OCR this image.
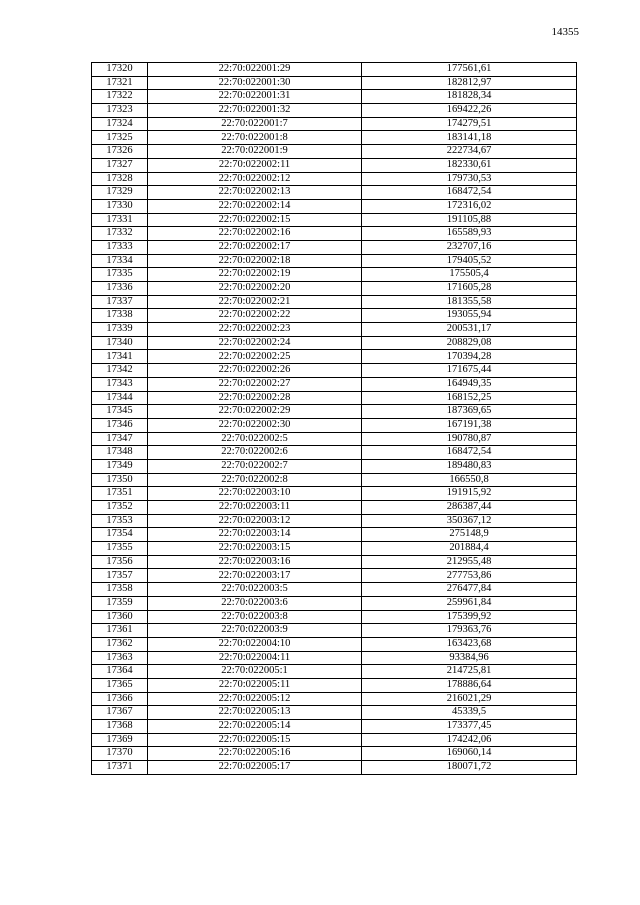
14355
17320	22:70:022001:29	177561,61
17321	22:70:022001:30	182812,97
17322	22:70:022001:31	181828,34
17323	22:70:022001:32	169422,26
17324	22:70:022001:7	174279,51
17325	22:70:022001:8	183141,18
17326	22:70:022001:9	222734,67
17327	22:70:022002:11	182330,61
17328	22:70:022002:12	179730,53
17329	22:70:022002:13	168472,54
17330	22:70:022002:14	172316,02
17331	22:70:022002:15	191105,88
17332	22:70:022002:16	165589,93
17333	22:70:022002:17	232707,16
17334	22:70:022002:18	179405,52
17335	22:70:022002:19	175505,4
17336	22:70:022002:20	171605,28
17337	22:70:022002:21	181355,58
17338	22:70:022002:22	193055,94
17339	22:70:022002:23	200531,17
17340	22:70:022002:24	208829,08
17341	22:70:022002:25	170394,28
17342	22:70:022002:26	171675,44
17343	22:70:022002:27	164949,35
17344	22:70:022002:28	168152,25
17345	22:70:022002:29	187369,65
17346	22:70:022002:30	167191,38
17347	22:70:022002:5	190780,87
17348	22:70:022002:6	168472,54
17349	22:70:022002:7	189480,83
17350	22:70:022002:8	166550,8
17351	22:70:022003:10	191915,92
17352	22:70:022003:11	286387,44
17353	22:70:022003:12	350367,12
17354	22:70:022003:14	275148,9
17355	22:70:022003:15	201884,4
17356	22:70:022003:16	212955,48
17357	22:70:022003:17	277753,86
17358	22:70:022003:5	276477,84
17359	22:70:022003:6	259961,84
17360	22:70:022003:8	175399,92
17361	22:70:022003:9	179363,76
17362	22:70:022004:10	163423,68
17363	22:70:022004:11	93384,96
17364	22:70:022005:1	214725,81
17365	22:70:022005:11	178886,64
17366	22:70:022005:12	216021,29
17367	22:70:022005:13	45339,5
17368	22:70:022005:14	173377,45
17369	22:70:022005:15	174242,06
17370	22:70:022005:16	169060,14
17371	22:70:022005:17	180071,72
